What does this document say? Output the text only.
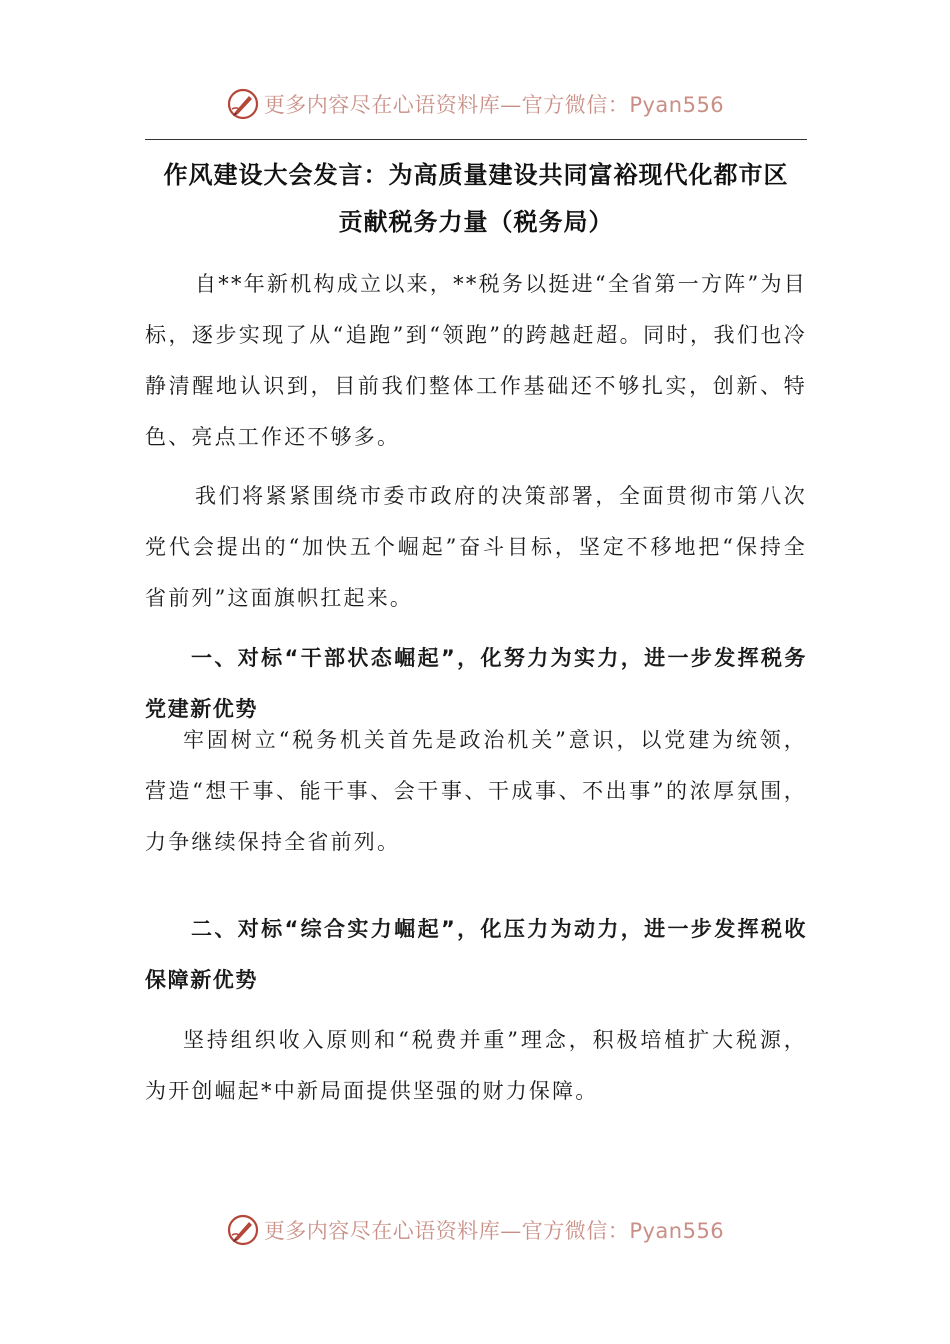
更多内容尽在心语资料库—官方微信：Pyan556
作风建设大会发言：为高质量建设共同富裕现代化都市区
贡献税务力量（税务局）

自**年新机构成立以来，**税务以挺进“全省第一方阵”为目标，逐步实现了从“追跑”到“领跑”的跨越赶超。同时，我们也冷静清醒地认识到，目前我们整体工作基础还不够扎实，创新、特色、亮点工作还不够多。

我们将紧紧围绕市委市政府的决策部署，全面贯彻市第八次党代会提出的“加快五个崛起”奋斗目标，坚定不移地把“保持全省前列”这面旗帜扛起来。

一、对标“干部状态崛起”，化努力为实力，进一步发挥税务党建新优势

牢固树立“税务机关首先是政治机关”意识，以党建为统领，营造“想干事、能干事、会干事、干成事、不出事”的浓厚氛围，力争继续保持全省前列。

二、对标“综合实力崛起”，化压力为动力，进一步发挥税收保障新优势

坚持组织收入原则和“税费并重”理念，积极培植扩大税源，为开创崛起*中新局面提供坚强的财力保障。

更多内容尽在心语资料库—官方微信：Pyan556
